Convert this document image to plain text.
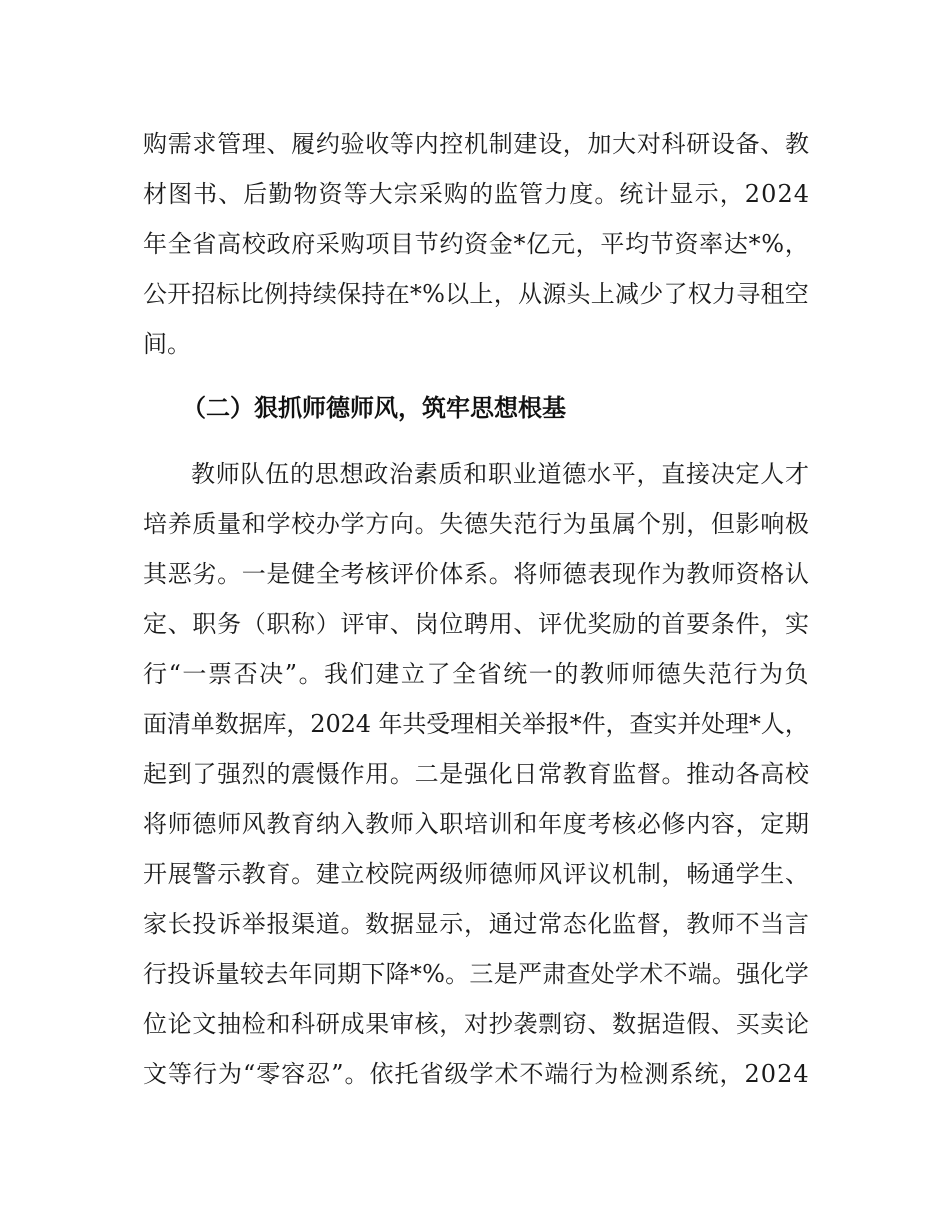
购需求管理、履约验收等内控机制建设，加大对科研设备、教
材图书、后勤物资等大宗采购的监管力度。统计显示，2024
年全省高校政府采购项目节约资金*亿元，平均节资率达*%，
公开招标比例持续保持在*%以上，从源头上减少了权力寻租空
间。
（二）狠抓师德师风，筑牢思想根基
教师队伍的思想政治素质和职业道德水平，直接决定人才
培养质量和学校办学方向。失德失范行为虽属个别，但影响极
其恶劣。一是健全考核评价体系。将师德表现作为教师资格认
定、职务（职称）评审、岗位聘用、评优奖励的首要条件，实
行“一票否决”。我们建立了全省统一的教师师德失范行为负
面清单数据库，2024 年共受理相关举报*件，查实并处理*人，
起到了强烈的震慑作用。二是强化日常教育监督。推动各高校
将师德师风教育纳入教师入职培训和年度考核必修内容，定期
开展警示教育。建立校院两级师德师风评议机制，畅通学生、
家长投诉举报渠道。数据显示，通过常态化监督，教师不当言
行投诉量较去年同期下降*%。三是严肃查处学术不端。强化学
位论文抽检和科研成果审核，对抄袭剽窃、数据造假、买卖论
文等行为“零容忍”。依托省级学术不端行为检测系统，2024
